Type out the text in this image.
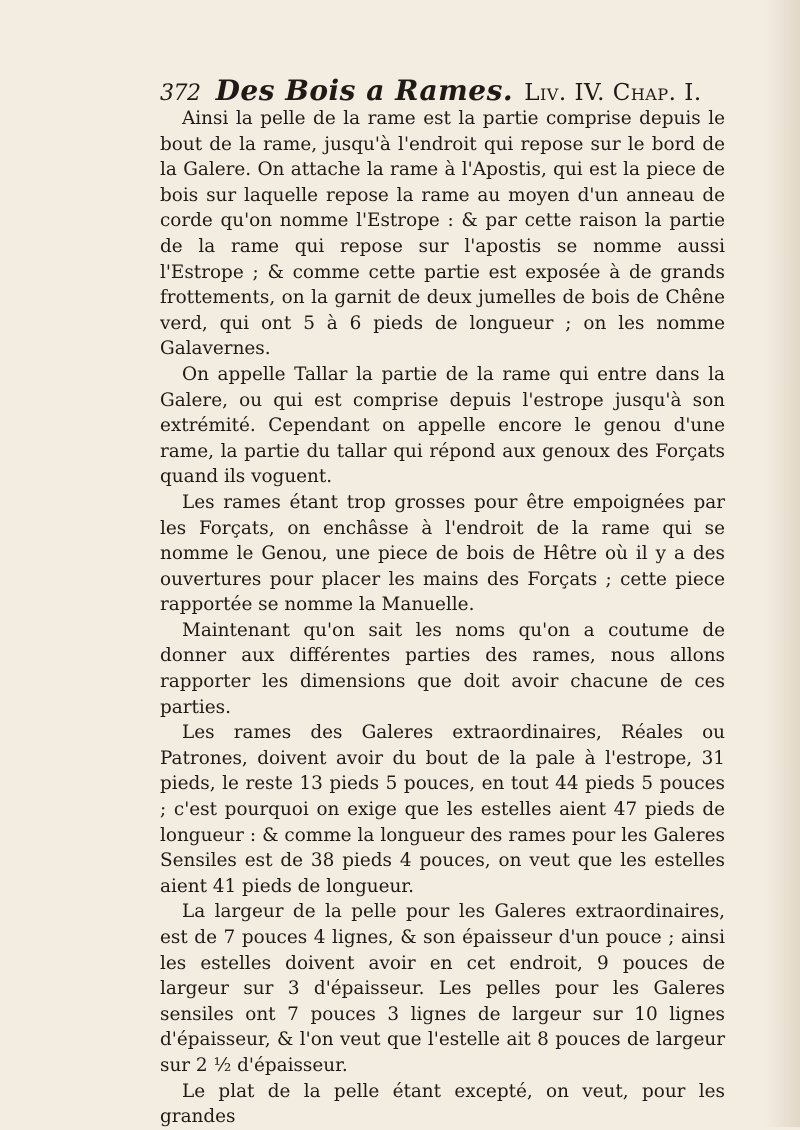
372 Des Bois a Rames. Liv. IV. Chap. I.

Ainsi la pelle de la rame est la partie comprise depuis le bout de la rame, jusqu'à l'endroit qui repose sur le bord de la Galere. On attache la rame à l'Apostis, qui est la piece de bois sur laquelle repose la rame au moyen d'un anneau de corde qu'on nomme l'Estrope : & par cette raison la partie de la rame qui repose sur l'apostis se nomme aussi l'Estrope ; & comme cette partie est exposée à de grands frottements, on la garnit de deux jumelles de bois de Chêne verd, qui ont 5 à 6 pieds de longueur ; on les nomme Galavernes.

On appelle Tallar la partie de la rame qui entre dans la Galere, ou qui est comprise depuis l'estrope jusqu'à son extrémité. Cependant on appelle encore le genou d'une rame, la partie du tallar qui répond aux genoux des Forçats quand ils voguent.

Les rames étant trop grosses pour être empoignées par les Forçats, on enchâsse à l'endroit de la rame qui se nomme le Genou, une piece de bois de Hêtre où il y a des ouvertures pour placer les mains des Forçats ; cette piece rapportée se nomme la Manuelle.

Maintenant qu'on sait les noms qu'on a coutume de donner aux différentes parties des rames, nous allons rapporter les dimensions que doit avoir chacune de ces parties.

Les rames des Galeres extraordinaires, Réales ou Patrones, doivent avoir du bout de la pale à l'estrope, 31 pieds, le reste 13 pieds 5 pouces, en tout 44 pieds 5 pouces ; c'est pourquoi on exige que les estelles aient 47 pieds de longueur : & comme la longueur des rames pour les Galeres Sensiles est de 38 pieds 4 pouces, on veut que les estelles aient 41 pieds de longueur.

La largeur de la pelle pour les Galeres extraordinaires, est de 7 pouces 4 lignes, & son épaisseur d'un pouce ; ainsi les estelles doivent avoir en cet endroit, 9 pouces de largeur sur 3 d'épaisseur. Les pelles pour les Galeres sensiles ont 7 pouces 3 lignes de largeur sur 10 lignes d'épaisseur, & l'on veut que l'estelle ait 8 pouces de largeur sur 2 ½ d'épaisseur.

Le plat de la pelle étant excepté, on veut, pour les grandes
